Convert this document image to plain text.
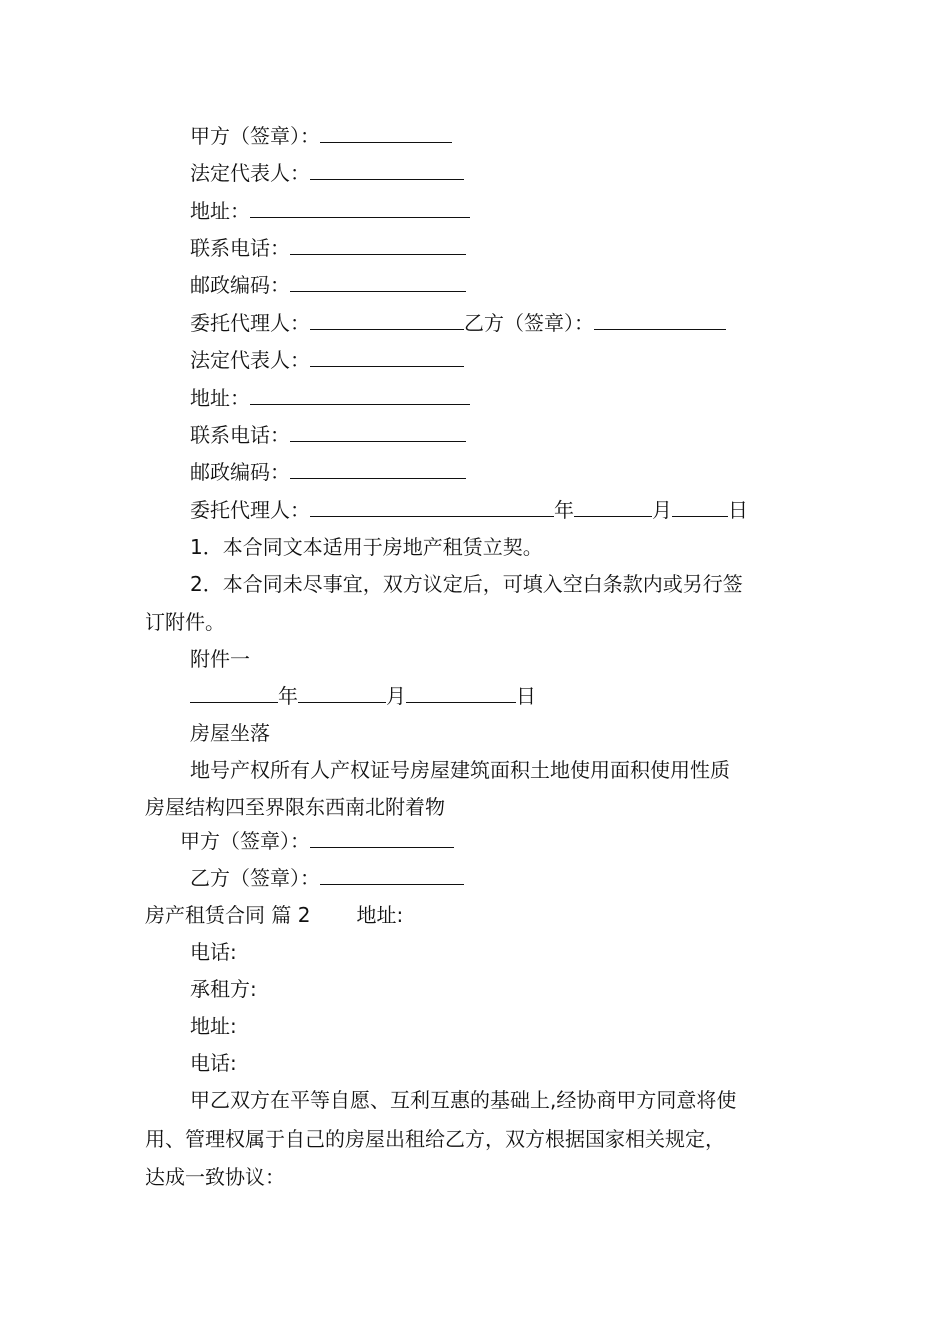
甲方（签章）：
法定代表人：
地址：
联系电话：
邮政编码：
委托代理人：	乙方（签章）：
法定代表人：
地址：
联系电话：
邮政编码：
委托代理人：	年	月	日
1．本合同文本适用于房地产租赁立契。
2．本合同未尽事宜，双方议定后，可填入空白条款内或另行签
订附件。
附件一
年	月	日
房屋坐落
地号产权所有人产权证号房屋建筑面积土地使用面积使用性质
房屋结构四至界限东西南北附着物
甲方（签章）：
乙方（签章）：
房产租赁合同 篇 2 地址:
电话:
承租方:
地址:
电话:
甲乙双方在平等自愿、互利互惠的基础上,经协商甲方同意将使
用、管理权属于自己的房屋出租给乙方，双方根据国家相关规定，
达成一致协议：
